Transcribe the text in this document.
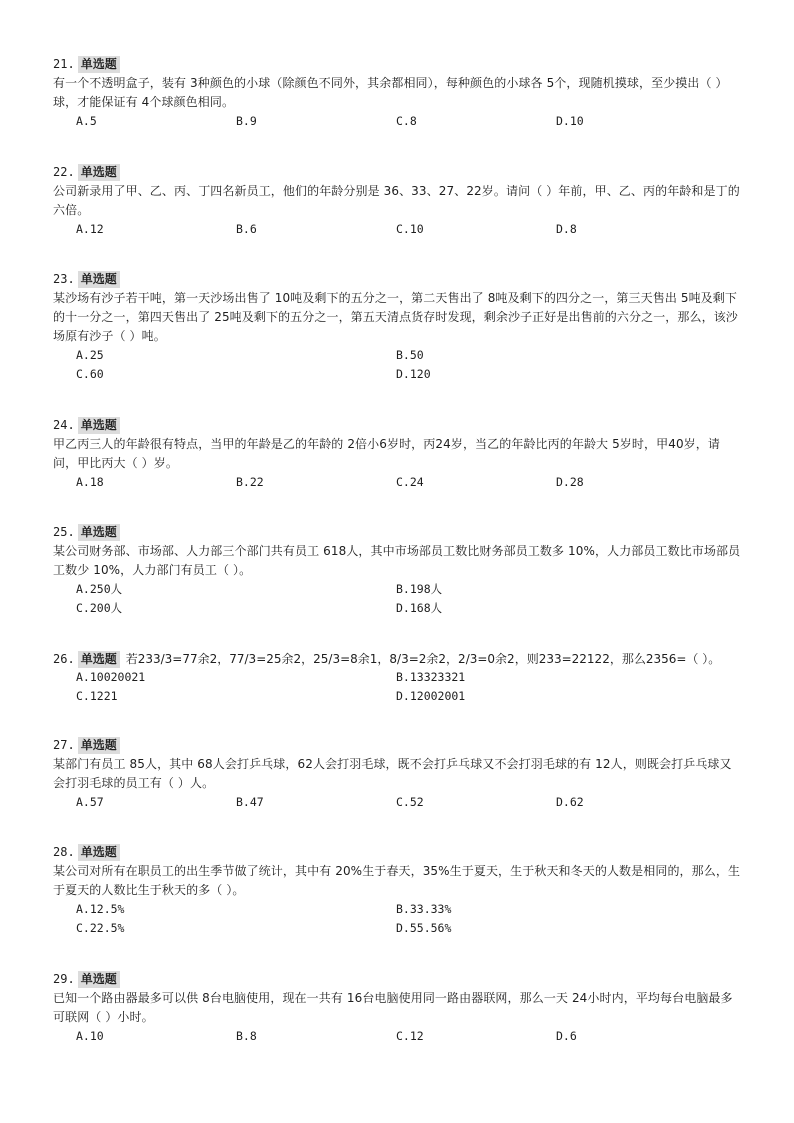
21. 单选题
有一个不透明盒子，装有 3种颜色的小球（除颜色不同外，其余都相同），每种颜色的小球各 5个，现随机摸球，至少摸出（ ）球，才能保证有 4个球颜色相同。
A.5	B.9	C.8	D.10
22. 单选题
公司新录用了甲、乙、丙、丁四名新员工，他们的年龄分别是 36、33、27、22岁。请问（ ）年前，甲、乙、丙的年龄和是丁的六倍。
A.12	B.6	C.10	D.8
23. 单选题
某沙场有沙子若干吨，第一天沙场出售了 10吨及剩下的五分之一，第二天售出了 8吨及剩下的四分之一，第三天售出 5吨及剩下的十一分之一，第四天售出了 25吨及剩下的五分之一，第五天清点货存时发现，剩余沙子正好是出售前的六分之一，那么，该沙场原有沙子（ ）吨。
A.25	B.50
C.60	D.120
24. 单选题
甲乙丙三人的年龄很有特点，当甲的年龄是乙的年龄的 2倍小6岁时，丙24岁，当乙的年龄比丙的年龄大 5岁时，甲40岁，请问，甲比丙大（ ）岁。
A.18	B.22	C.24	D.28
25. 单选题
某公司财务部、市场部、人力部三个部门共有员工 618人，其中市场部员工数比财务部员工数多 10%，人力部员工数比市场部员工数少 10%，人力部门有员工（ ）。
A.250人	B.198人
C.200人	D.168人
26. 单选题 若233/3=77余2，77/3=25余2，25/3=8余1，8/3=2余2，2/3=0余2，则233=22122，那么2356=（ ）。
A.10020021	B.13323321
C.1221	D.12002001
27. 单选题
某部门有员工 85人，其中 68人会打乒乓球，62人会打羽毛球，既不会打乒乓球又不会打羽毛球的有 12人，则既会打乒乓球又会打羽毛球的员工有（ ）人。
A.57	B.47	C.52	D.62
28. 单选题
某公司对所有在职员工的出生季节做了统计，其中有 20%生于春天，35%生于夏天，生于秋天和冬天的人数是相同的，那么，生于夏天的人数比生于秋天的多（ ）。
A.12.5%	B.33.33%
C.22.5%	D.55.56%
29. 单选题
已知一个路由器最多可以供 8台电脑使用，现在一共有 16台电脑使用同一路由器联网，那么一天 24小时内，平均每台电脑最多可联网（ ）小时。
A.10	B.8	C.12	D.6
